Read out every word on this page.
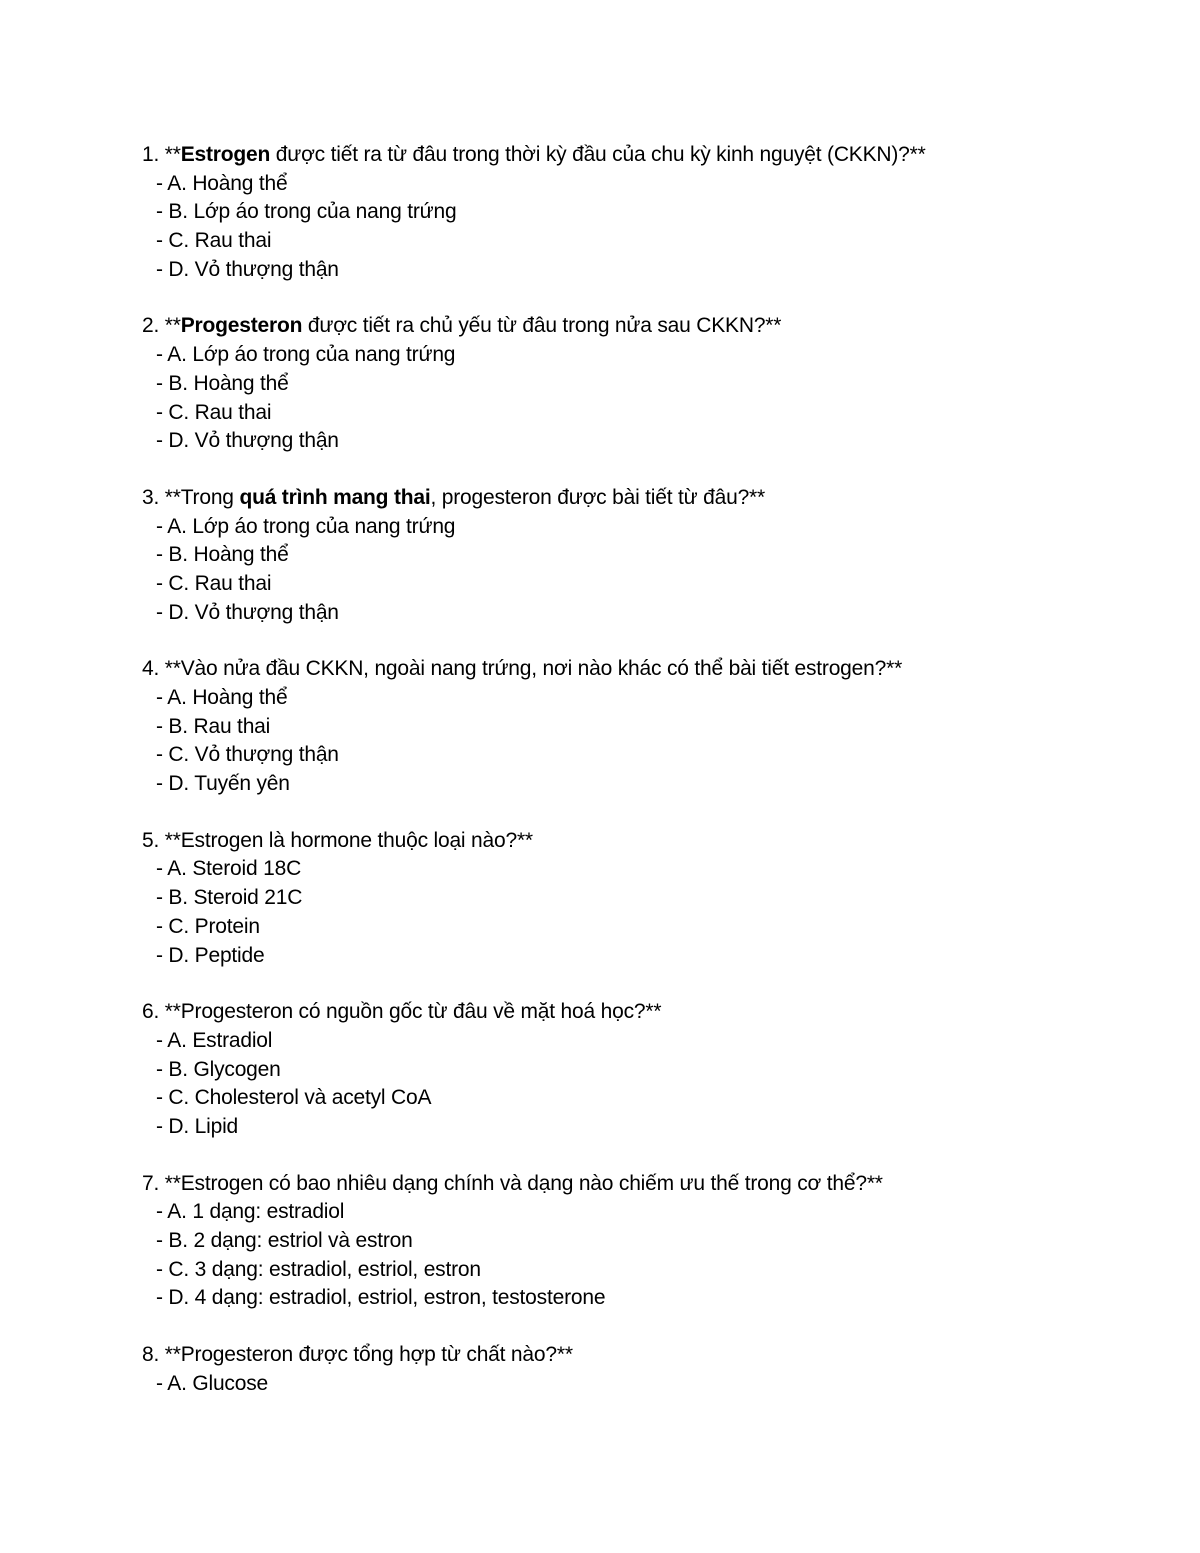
1. **Estrogen được tiết ra từ đâu trong thời kỳ đầu của chu kỳ kinh nguyệt (CKKN)?**
- A. Hoàng thể
- B. Lớp áo trong của nang trứng
- C. Rau thai
- D. Vỏ thượng thận
2. **Progesteron được tiết ra chủ yếu từ đâu trong nửa sau CKKN?**
- A. Lớp áo trong của nang trứng
- B. Hoàng thể
- C. Rau thai
- D. Vỏ thượng thận
3. **Trong quá trình mang thai, progesteron được bài tiết từ đâu?**
- A. Lớp áo trong của nang trứng
- B. Hoàng thể
- C. Rau thai
- D. Vỏ thượng thận
4. **Vào nửa đầu CKKN, ngoài nang trứng, nơi nào khác có thể bài tiết estrogen?**
- A. Hoàng thể
- B. Rau thai
- C. Vỏ thượng thận
- D. Tuyến yên
5. **Estrogen là hormone thuộc loại nào?**
- A. Steroid 18C
- B. Steroid 21C
- C. Protein
- D. Peptide
6. **Progesteron có nguồn gốc từ đâu về mặt hoá học?**
- A. Estradiol
- B. Glycogen
- C. Cholesterol và acetyl CoA
- D. Lipid
7. **Estrogen có bao nhiêu dạng chính và dạng nào chiếm ưu thế trong cơ thể?**
- A. 1 dạng: estradiol
- B. 2 dạng: estriol và estron
- C. 3 dạng: estradiol, estriol, estron
- D. 4 dạng: estradiol, estriol, estron, testosterone
8. **Progesteron được tổng hợp từ chất nào?**
- A. Glucose
